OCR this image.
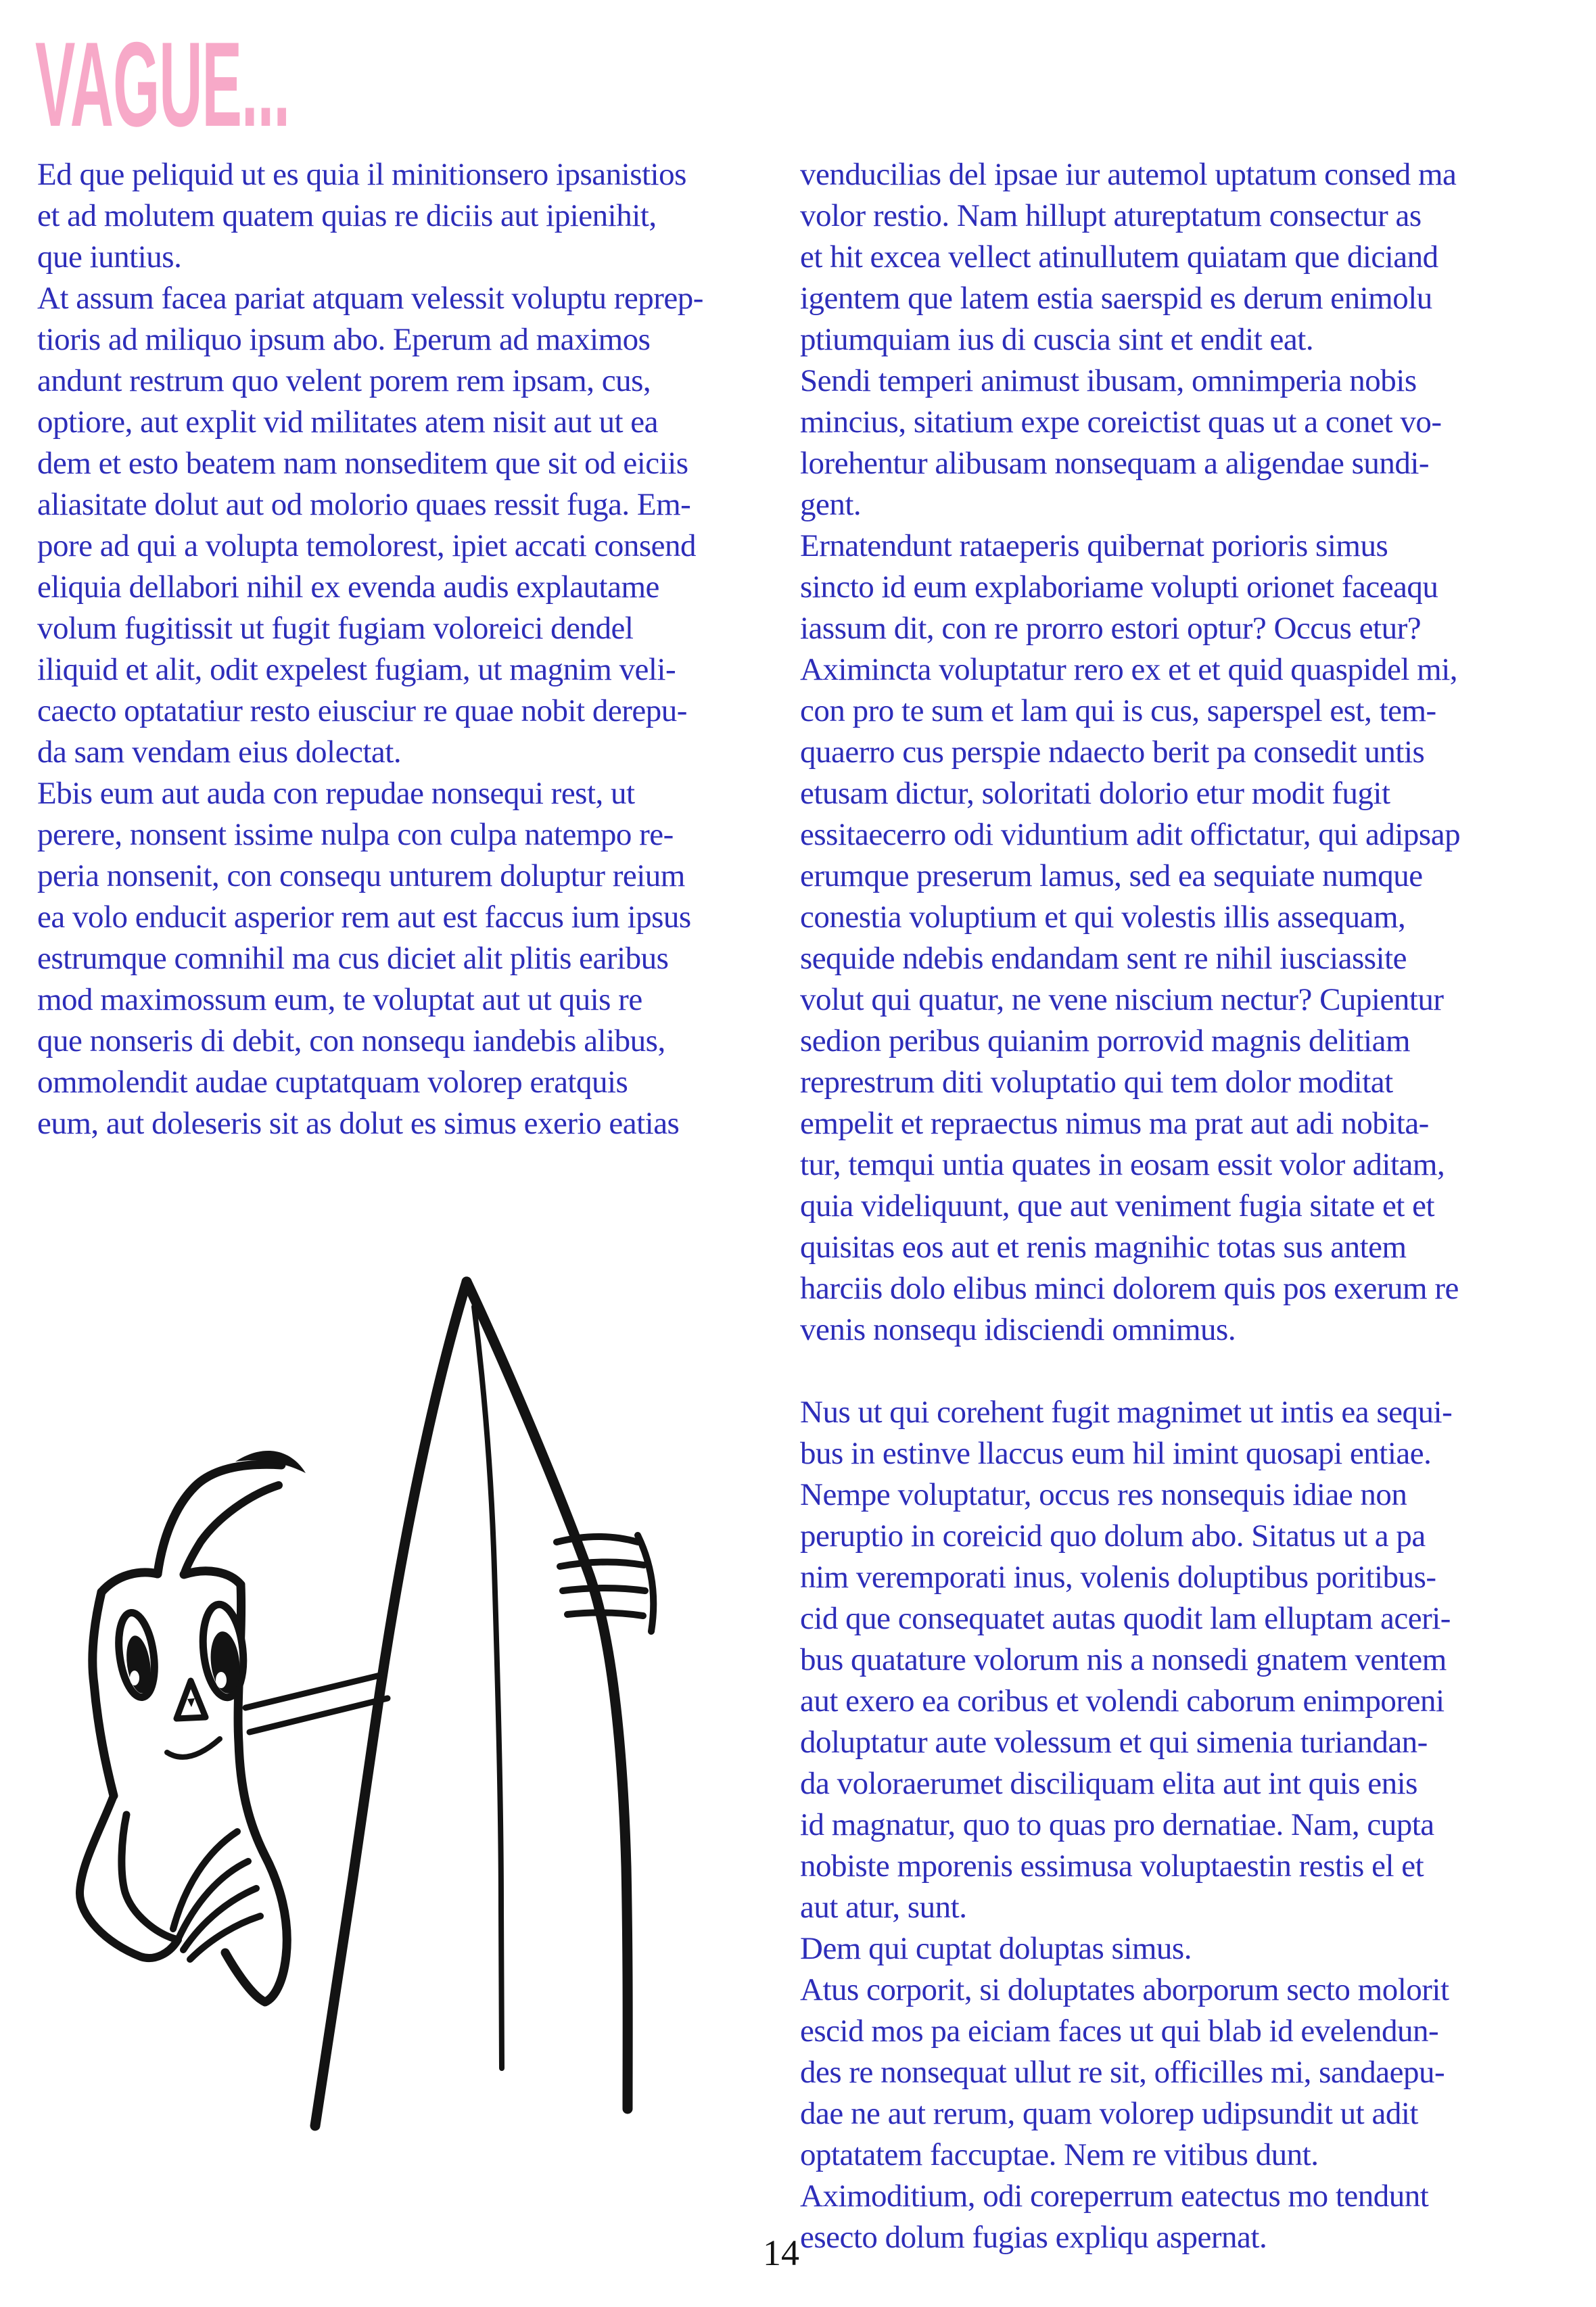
VAGUE...
Ed que peliquid ut es quia il minitionsero ipsanistios
et ad molutem quatem quias re diciis aut ipienihit,
que iuntius.
At assum facea pariat atquam velessit voluptu reprep-
tioris ad miliquo ipsum abo. Eperum ad maximos
andunt restrum quo velent porem rem ipsam, cus,
optiore, aut explit vid militates atem nisit aut ut ea
dem et esto beatem nam nonseditem que sit od eiciis
aliasitate dolut aut od molorio quaes ressit fuga. Em-
pore ad qui a volupta temolorest, ipiet accati consend
eliquia dellabori nihil ex evenda audis explautame
volum fugitissit ut fugit fugiam voloreici dendel
iliquid et alit, odit expelest fugiam, ut magnim veli-
caecto optatatiur resto eiusciur re quae nobit derepu-
da sam vendam eius dolectat.
Ebis eum aut auda con repudae nonsequi rest, ut
perere, nonsent issime nulpa con culpa natempo re-
peria nonsenit, con consequ unturem doluptur reium
ea volo enducit asperior rem aut est faccus ium ipsus
estrumque comnihil ma cus diciet alit plitis earibus
mod maximossum eum, te voluptat aut ut quis re
que nonseris di debit, con nonsequ iandebis alibus,
ommolendit audae cuptatquam volorep eratquis
eum, aut doleseris sit as dolut es simus exerio eatias
venducilias del ipsae iur autemol uptatum consed ma
volor restio. Nam hillupt atureptatum consectur as
et hit excea vellect atinullutem quiatam que diciand
igentem que latem estia saerspid es derum enimolu
ptiumquiam ius di cuscia sint et endit eat.
Sendi temperi animust ibusam, omnimperia nobis
mincius, sitatium expe coreictist quas ut a conet vo-
lorehentur alibusam nonsequam a aligendae sundi-
gent.
Ernatendunt rataeperis quibernat porioris simus
sincto id eum explaboriame volupti orionet faceaqu
iassum dit, con re prorro estori optur? Occus etur?
Aximincta voluptatur rero ex et et quid quaspidel mi,
con pro te sum et lam qui is cus, saperspel est, tem-
quaerro cus perspie ndaecto berit pa consedit untis
etusam dictur, soloritati dolorio etur modit fugit
essitaecerro odi viduntium adit offictatur, qui adipsap
erumque preserum lamus, sed ea sequiate numque
conestia voluptium et qui volestis illis assequam,
sequide ndebis endandam sent re nihil iusciassite
volut qui quatur, ne vene niscium nectur? Cupientur
sedion peribus quianim porrovid magnis delitiam
represtrum diti voluptatio qui tem dolor moditat
empelit et repraectus nimus ma prat aut adi nobita-
tur, temqui untia quates in eosam essit volor aditam,
quia videliquunt, que aut veniment fugia sitate et et
quisitas eos aut et renis magnihic totas sus antem
harciis dolo elibus minci dolorem quis pos exerum re
venis nonsequ idisciendi omnimus.
Nus ut qui corehent fugit magnimet ut intis ea sequi-
bus in estinve llaccus eum hil imint quosapi entiae.
Nempe voluptatur, occus res nonsequis idiae non
peruptio in coreicid quo dolum abo. Sitatus ut a pa
nim veremporati inus, volenis doluptibus poritibus-
cid que consequatet autas quodit lam elluptam aceri-
bus quatature volorum nis a nonsedi gnatem ventem
aut exero ea coribus et volendi caborum enimporeni
doluptatur aute volessum et qui simenia turiandan-
da voloraerumet disciliquam elita aut int quis enis
id magnatur, quo to quas pro dernatiae. Nam, cupta
nobiste mporenis essimusa voluptaestin restis el et
aut atur, sunt.
Dem qui cuptat doluptas simus.
Atus corporit, si doluptates aborporum secto molorit
escid mos pa eiciam faces ut qui blab id evelendun-
des re nonsequat ullut re sit, officilles mi, sandaepu-
dae ne aut rerum, quam volorep udipsundit ut adit
optatatem faccuptae. Nem re vitibus dunt.
Aximoditium, odi coreperrum eatectus mo tendunt
esecto dolum fugias expliqu aspernat.
14
